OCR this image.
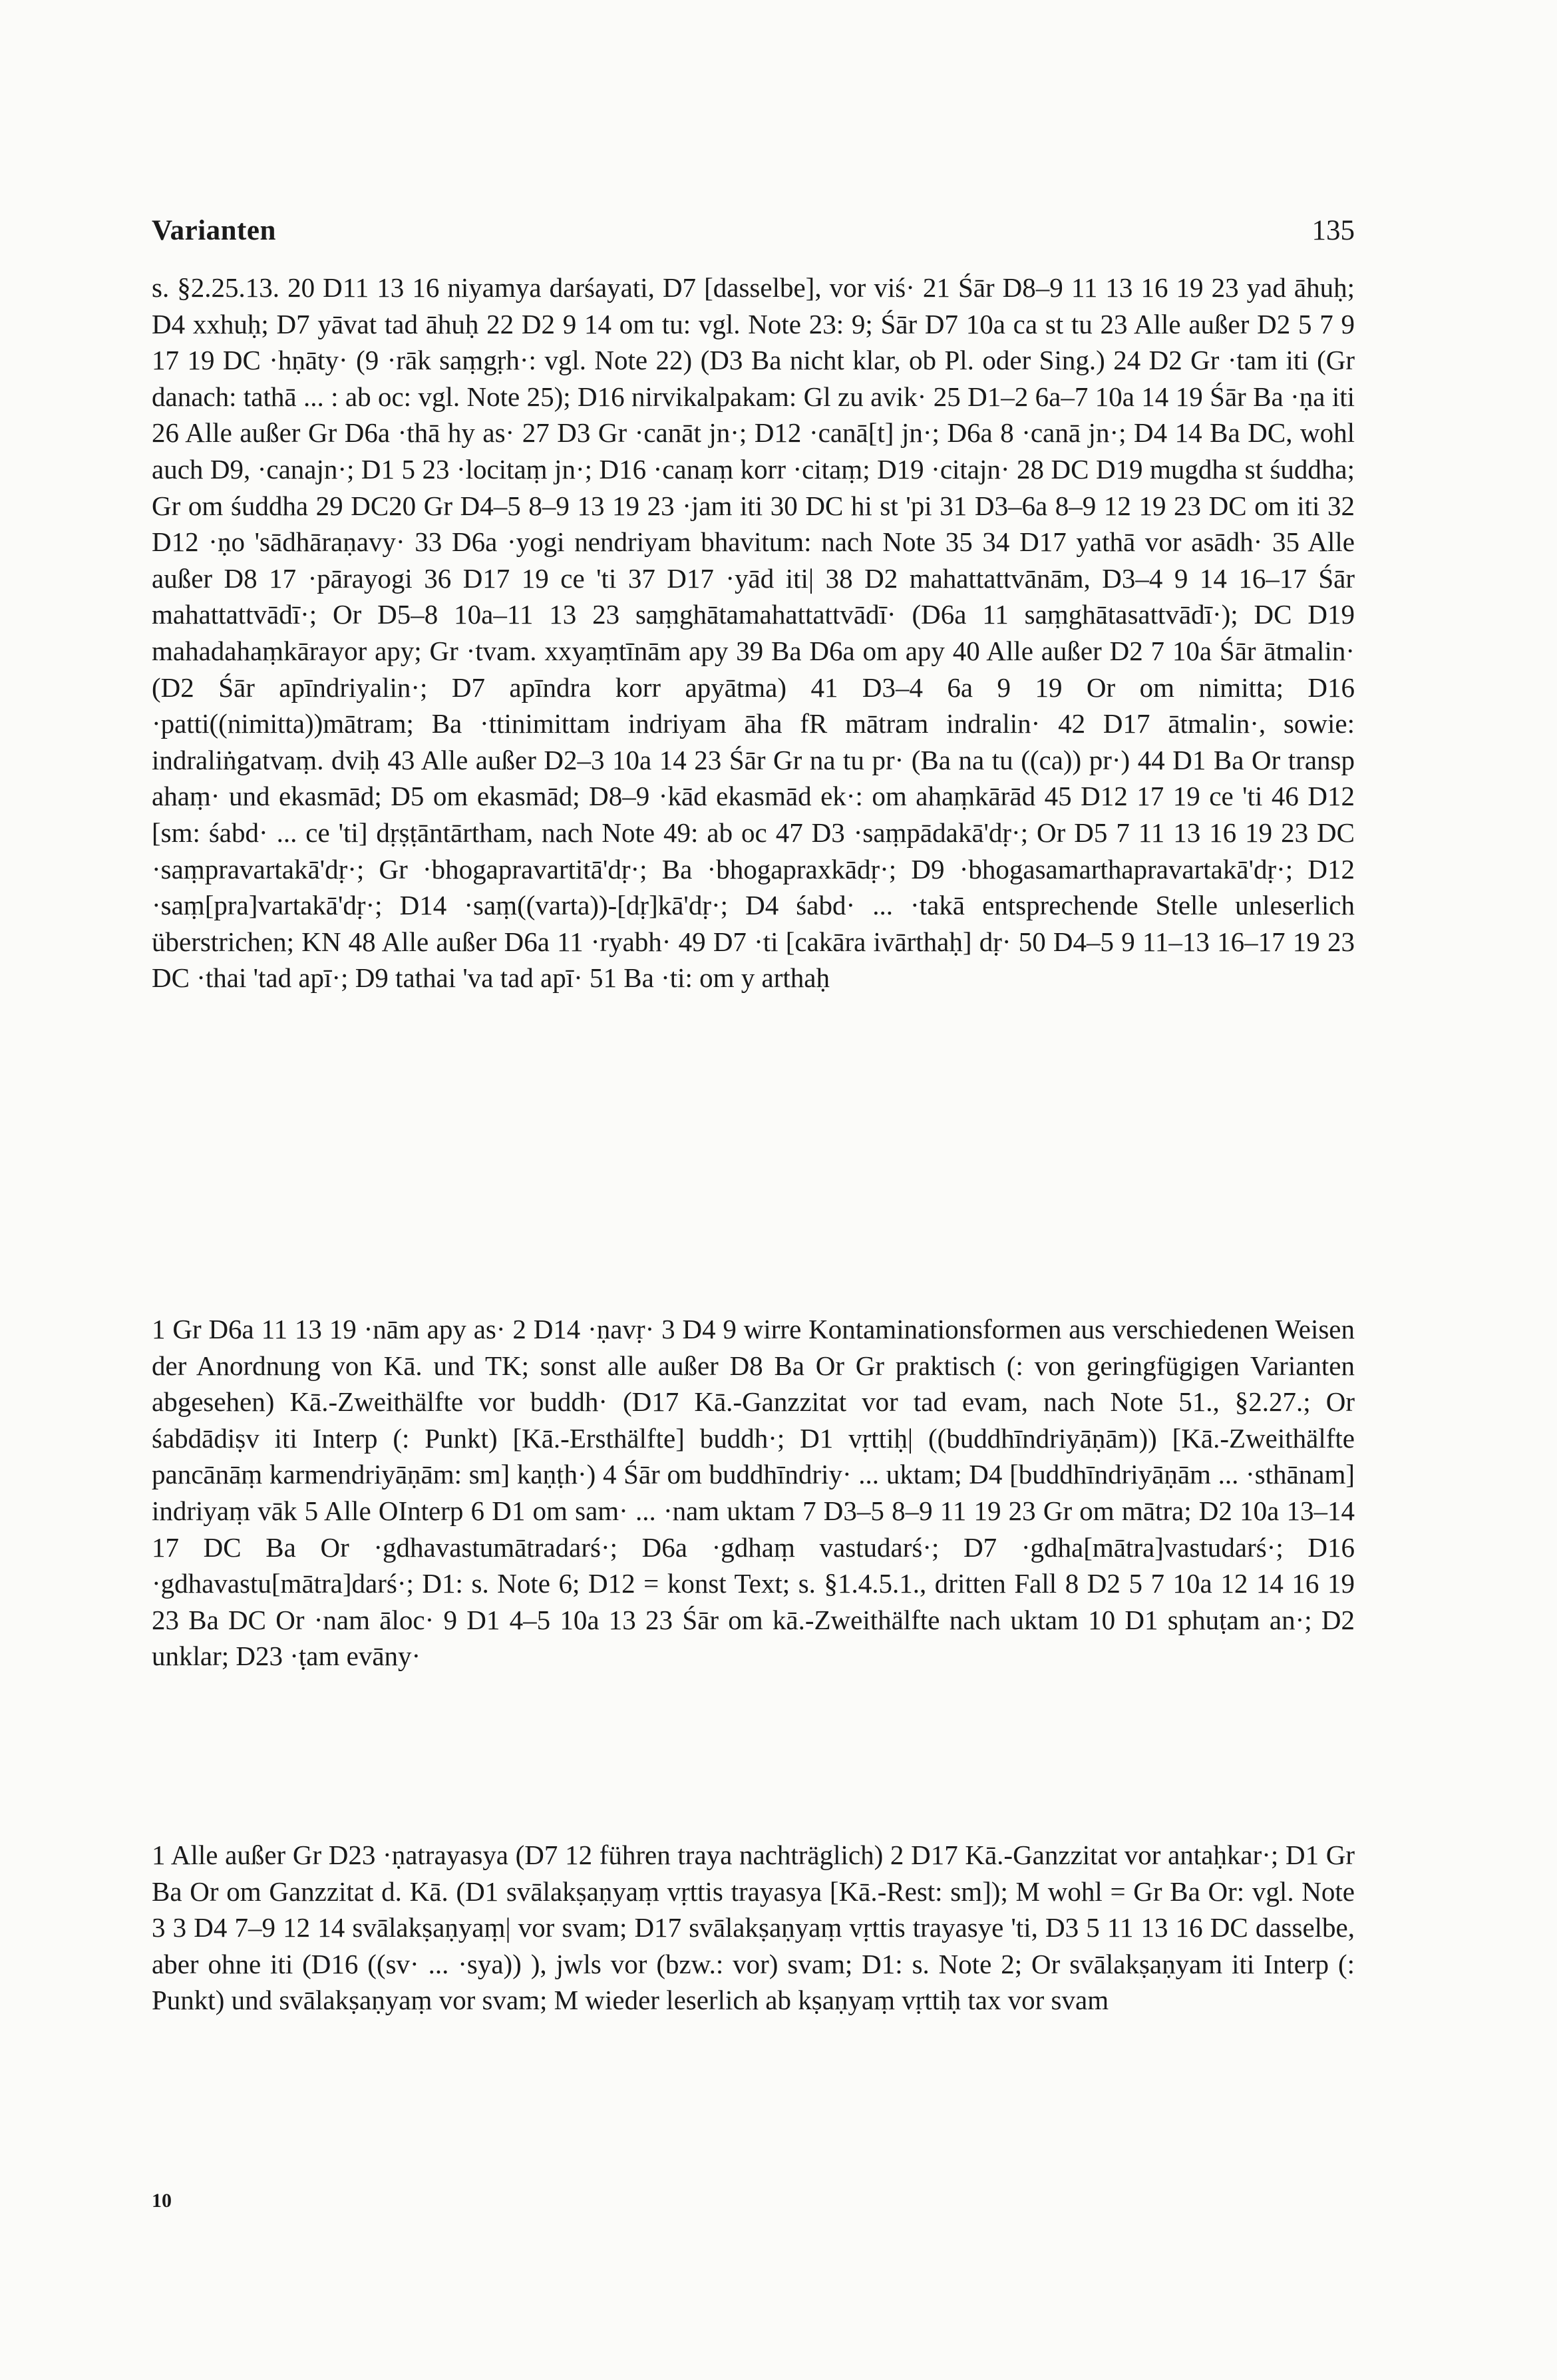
Varianten	135

s. §2.25.13. 20 D11 13 16 niyamya darśayati, D7 [dasselbe], vor viś· 21 Śār D8–9 11 13 16 19 23 yad āhuḥ; D4 xxhuḥ; D7 yāvat tad āhuḥ 22 D2 9 14 om tu: vgl. Note 23: 9; Śār D7 10a ca st tu 23 Alle außer D2 5 7 9 17 19 DC ·hṇāty· (9 ·rāk saṃgṛh·: vgl. Note 22) (D3 Ba nicht klar, ob Pl. oder Sing.) 24 D2 Gr ·tam iti (Gr danach: tathā ... : ab oc: vgl. Note 25); D16 nirvikalpakam: Gl zu avik· 25 D1–2 6a–7 10a 14 19 Śār Ba ·ṇa iti 26 Alle außer Gr D6a ·thā hy as· 27 D3 Gr ·canāt jn·; D12 ·canā[t] jn·; D6a 8 ·canā jn·; D4 14 Ba DC, wohl auch D9, ·canajn·; D1 5 23 ·locitaṃ jn·; D16 ·canaṃ korr ·citaṃ; D19 ·citajn· 28 DC D19 mugdha st śuddha; Gr om śuddha 29 DC20 Gr D4–5 8–9 13 19 23 ·jam iti 30 DC hi st 'pi 31 D3–6a 8–9 12 19 23 DC om iti 32 D12 ·ṇo 'sādhāraṇavy· 33 D6a ·yogi nendriyam bhavitum: nach Note 35 34 D17 yathā vor asādh· 35 Alle außer D8 17 ·pārayogi 36 D17 19 ce 'ti 37 D17 ·yād iti| 38 D2 mahattattvānām, D3–4 9 14 16–17 Śār mahattattvādī·; Or D5–8 10a–11 13 23 saṃghātamahattattvādī· (D6a 11 saṃghātasattvādī·); DC D19 mahadahaṃkārayor apy; Gr ·tvam. xxyaṃtīnām apy 39 Ba D6a om apy 40 Alle außer D2 7 10a Śār ātmalin· (D2 Śār apīndriyalin·; D7 apīndra korr apyātma) 41 D3–4 6a 9 19 Or om nimitta; D16 ·patti((nimitta))mātram; Ba ·ttinimittam indriyam āha fR mātram indralin· 42 D17 ātmalin·, sowie: indraliṅgatvaṃ. dviḥ 43 Alle außer D2–3 10a 14 23 Śār Gr na tu pr· (Ba na tu ((ca)) pr·) 44 D1 Ba Or transp ahaṃ· und ekasmād; D5 om ekasmād; D8–9 ·kād ekasmād ek·: om ahaṃkārād 45 D12 17 19 ce 'ti 46 D12 [sm: śabd· ... ce 'ti] dṛṣṭāntārtham, nach Note 49: ab oc 47 D3 ·saṃpādakā'dṛ·; Or D5 7 11 13 16 19 23 DC ·saṃpravartakā'dṛ·; Gr ·bhogapravartitā'dṛ·; Ba ·bhogapraxkādṛ·; D9 ·bhogasamarthapravartakā'dṛ·; D12 ·saṃ[pra]vartakā'dṛ·; D14 ·saṃ((varta))-[dṛ]kā'dṛ·; D4 śabd· ... ·takā entsprechende Stelle unleserlich überstrichen; KN 48 Alle außer D6a 11 ·ryabh· 49 D7 ·ti [cakāra ivārthaḥ] dṛ· 50 D4–5 9 11–13 16–17 19 23 DC ·thai 'tad apī·; D9 tathai 'va tad apī· 51 Ba ·ti: om y arthaḥ

1 Gr D6a 11 13 19 ·nām apy as· 2 D14 ·ṇavṛ· 3 D4 9 wirre Kontaminationsformen aus verschiedenen Weisen der Anordnung von Kā. und TK; sonst alle außer D8 Ba Or Gr praktisch (: von geringfügigen Varianten abgesehen) Kā.-Zweithälfte vor buddh· (D17 Kā.-Ganzzitat vor tad evam, nach Note 51., §2.27.; Or śabdādiṣv iti Interp (: Punkt) [Kā.-Ersthälfte] buddh·; D1 vṛttiḥ| ((buddhīndriyāṇām)) [Kā.-Zweithälfte pancānāṃ karmendriyāṇām: sm] kaṇṭh·) 4 Śār om buddhīndriy· ... uktam; D4 [buddhīndriyāṇām ... ·sthānam] indriyaṃ vāk 5 Alle OInterp 6 D1 om sam· ... ·nam uktam 7 D3–5 8–9 11 19 23 Gr om mātra; D2 10a 13–14 17 DC Ba Or ·gdhavastumātradarś·; D6a ·gdhaṃ vastudarś·; D7 ·gdha[mātra]vastudarś·; D16 ·gdhavastu[mātra]darś·; D1: s. Note 6; D12 = konst Text; s. §1.4.5.1., dritten Fall 8 D2 5 7 10a 12 14 16 19 23 Ba DC Or ·nam āloc· 9 D1 4–5 10a 13 23 Śār om kā.-Zweithälfte nach uktam 10 D1 sphuṭam an·; D2 unklar; D23 ·ṭam evāny·

1 Alle außer Gr D23 ·ṇatrayasya (D7 12 führen traya nachträglich) 2 D17 Kā.-Ganzzitat vor antaḥkar·; D1 Gr Ba Or om Ganzzitat d. Kā. (D1 svālakṣaṇyaṃ vṛttis trayasya [Kā.-Rest: sm]); M wohl = Gr Ba Or: vgl. Note 3 3 D4 7–9 12 14 svālakṣaṇyaṃ| vor svam; D17 svālakṣaṇyaṃ vṛttis trayasye 'ti, D3 5 11 13 16 DC dasselbe, aber ohne iti (D16 ((sv· ... ·sya)) ), jwls vor (bzw.: vor) svam; D1: s. Note 2; Or svālakṣaṇyam iti Interp (: Punkt) und svālakṣaṇyaṃ vor svam; M wieder leserlich ab kṣaṇyaṃ vṛttiḥ tax vor svam

10
